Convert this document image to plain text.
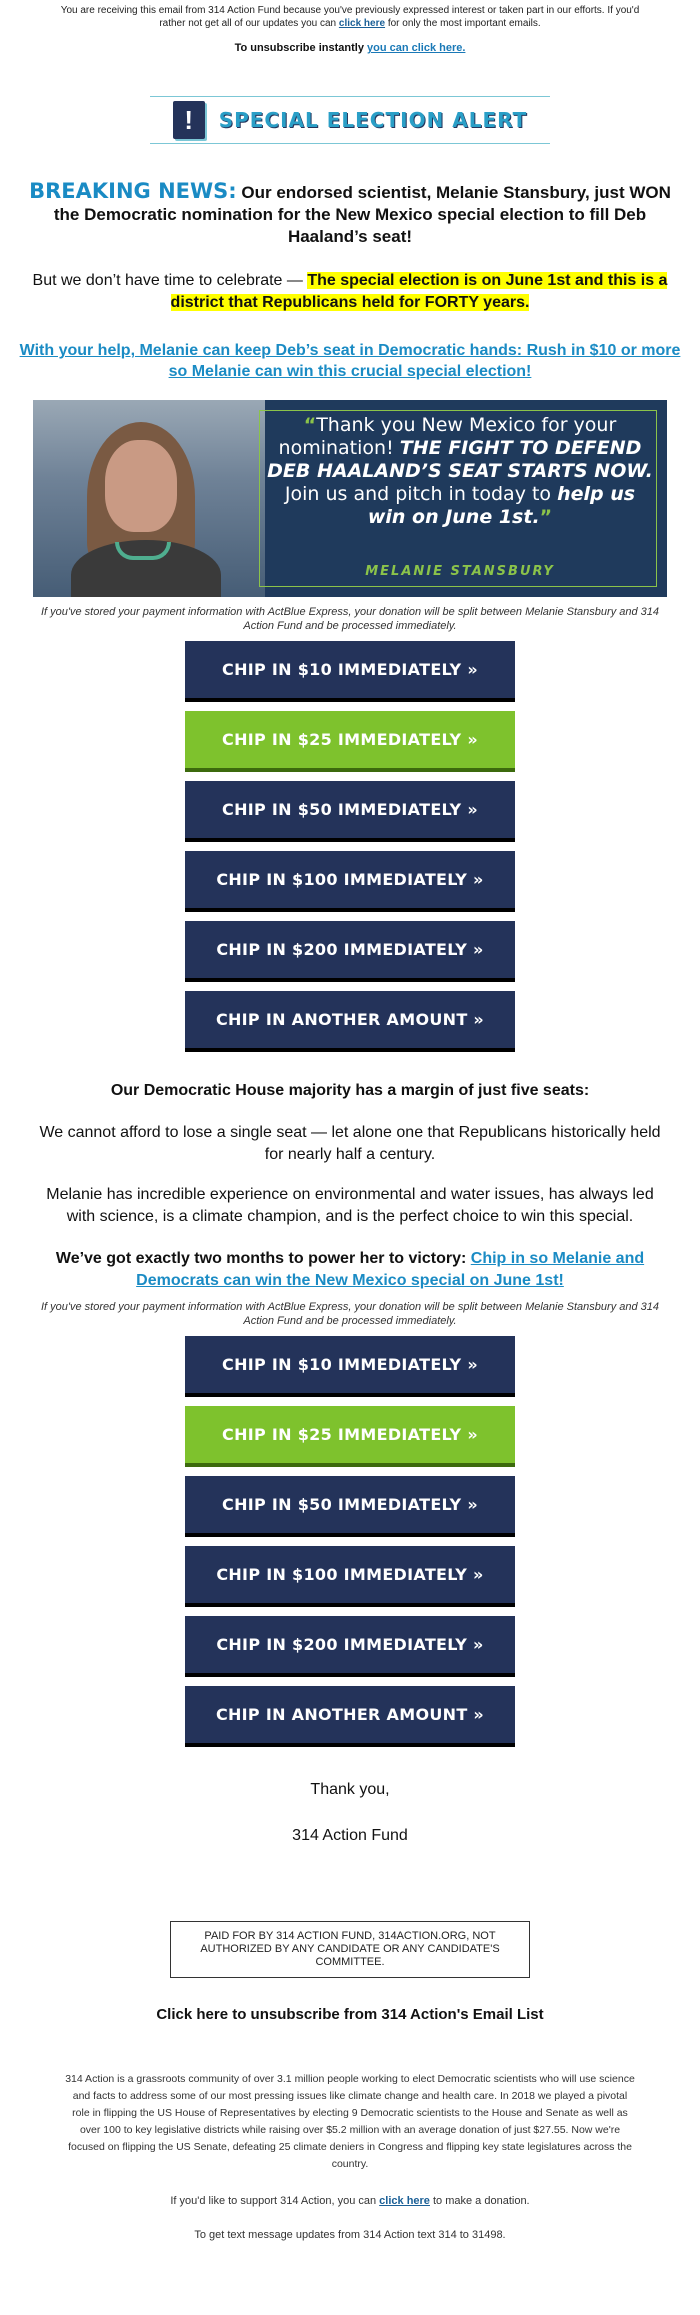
You are receiving this email from 314 Action Fund because you've previously expressed interest or taken part in our efforts. If you'd rather not get all of our updates you can click here for only the most important emails.

To unsubscribe instantly you can click here.

!	SPECIAL ELECTION ALERT

BREAKING NEWS: Our endorsed scientist, Melanie Stansbury, just WON the Democratic nomination for the New Mexico special election to fill Deb Haaland’s seat!

But we don’t have time to celebrate — The special election is on June 1st and this is a district that Republicans held for FORTY years.

With your help, Melanie can keep Deb’s seat in Democratic hands: Rush in $10 or more so Melanie can win this crucial special election!

“Thank you New Mexico for your nomination! THE FIGHT TO DEFEND DEB HAALAND’S SEAT STARTS NOW.
Join us and pitch in today to help us win on June 1st.”
MELANIE STANSBURY

If you've stored your payment information with ActBlue Express, your donation will be split between Melanie Stansbury and 314 Action Fund and be processed immediately.

CHIP IN $10 IMMEDIATELY »
CHIP IN $25 IMMEDIATELY »
CHIP IN $50 IMMEDIATELY »
CHIP IN $100 IMMEDIATELY »
CHIP IN $200 IMMEDIATELY »
CHIP IN ANOTHER AMOUNT »

Our Democratic House majority has a margin of just five seats:

We cannot afford to lose a single seat — let alone one that Republicans historically held for nearly half a century.

Melanie has incredible experience on environmental and water issues, has always led with science, is a climate champion, and is the perfect choice to win this special.

We’ve got exactly two months to power her to victory: Chip in so Melanie and Democrats can win the New Mexico special on June 1st!

If you've stored your payment information with ActBlue Express, your donation will be split between Melanie Stansbury and 314 Action Fund and be processed immediately.

CHIP IN $10 IMMEDIATELY »
CHIP IN $25 IMMEDIATELY »
CHIP IN $50 IMMEDIATELY »
CHIP IN $100 IMMEDIATELY »
CHIP IN $200 IMMEDIATELY »
CHIP IN ANOTHER AMOUNT »

Thank you,

314 Action Fund

PAID FOR BY 314 ACTION FUND, 314ACTION.ORG, NOT AUTHORIZED BY ANY CANDIDATE OR ANY CANDIDATE'S COMMITTEE.

Click here to unsubscribe from 314 Action's Email List

314 Action is a grassroots community of over 3.1 million people working to elect Democratic scientists who will use science and facts to address some of our most pressing issues like climate change and health care. In 2018 we played a pivotal role in flipping the US House of Representatives by electing 9 Democratic scientists to the House and Senate as well as over 100 to key legislative districts while raising over $5.2 million with an average donation of just $27.55. Now we're focused on flipping the US Senate, defeating 25 climate deniers in Congress and flipping key state legislatures across the country.

If you'd like to support 314 Action, you can click here to make a donation.

To get text message updates from 314 Action text 314 to 31498.
